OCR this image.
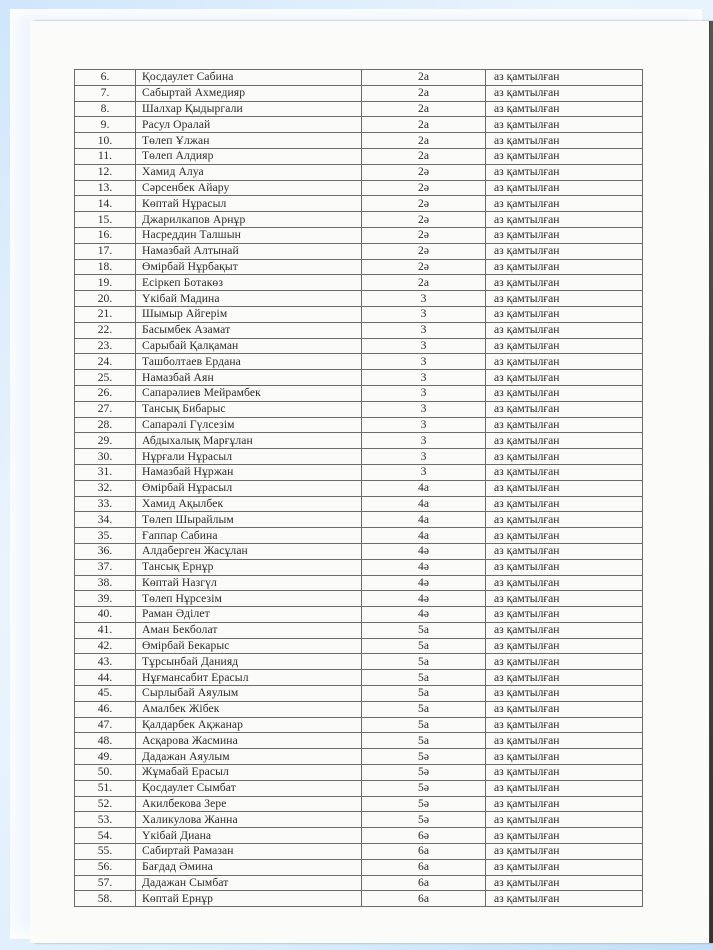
6.	Қосдаулет Сабина	2а	аз қамтылған
7.	Сабыртай Ахмедияр	2а	аз қамтылған
8.	Шалхар Қыдыргали	2а	аз қамтылған
9.	Расул Оралай	2а	аз қамтылған
10.	Төлеп Ұлжан	2а	аз қамтылған
11.	Төлеп Алдияр	2а	аз қамтылған
12.	Хамид Алуа	2ә	аз қамтылған
13.	Сәрсенбек Айару	2ә	аз қамтылған
14.	Көптай Нұрасыл	2ә	аз қамтылған
15.	Джарилкапов Арнұр	2ә	аз қамтылған
16.	Насреддин Талшын	2ә	аз қамтылған
17.	Намазбай Алтынай	2ә	аз қамтылған
18.	Өмірбай Нұрбақыт	2ә	аз қамтылған
19.	Есіркеп Ботакөз	2а	аз қамтылған
20.	Үкібай Мадина	3	аз қамтылған
21.	Шымыр Айгерім	3	аз қамтылған
22.	Басымбек Азамат	3	аз қамтылған
23.	Сарыбай Қалқаман	3	аз қамтылған
24.	Ташболтаев Ердана	3	аз қамтылған
25.	Намазбай Аян	3	аз қамтылған
26.	Сапарәлиев Мейрамбек	3	аз қамтылған
27.	Тансық Бибарыс	3	аз қамтылған
28.	Сапарәлі Гүлсезім	3	аз қамтылған
29.	Абдыхалық Марғұлан	3	аз қамтылған
30.	Нұрғали Нұрасыл	3	аз қамтылған
31.	Намазбай Нұржан	3	аз қамтылған
32.	Өмірбай Нұрасыл	4а	аз қамтылған
33.	Хамид Ақылбек	4а	аз қамтылған
34.	Төлеп Шырайлым	4а	аз қамтылған
35.	Ғаппар Сабина	4а	аз қамтылған
36.	Алдаберген Жасұлан	4ә	аз қамтылған
37.	Тансық Ернұр	4ә	аз қамтылған
38.	Көптай Назгүл	4ә	аз қамтылған
39.	Төлеп Нұрсезім	4ә	аз қамтылған
40.	Раман Әділет	4ә	аз қамтылған
41.	Аман Бекболат	5а	аз қамтылған
42.	Өмірбай Бекарыс	5а	аз қамтылған
43.	Тұрсынбай Данияд	5а	аз қамтылған
44.	Нұғмансабит Ерасыл	5а	аз қамтылған
45.	Сырлыбай Аяулым	5а	аз қамтылған
46.	Амалбек Жібек	5а	аз қамтылған
47.	Қалдарбек Ақжанар	5а	аз қамтылған
48.	Асқарова Жасмина	5а	аз қамтылған
49.	Дадажан Аяулым	5ә	аз қамтылған
50.	Жұмабай Ерасыл	5ә	аз қамтылған
51.	Қосдаулет Сымбат	5ә	аз қамтылған
52.	Акилбекова Зере	5ә	аз қамтылған
53.	Халикулова Жанна	5ә	аз қамтылған
54.	Үкібай Диана	6ә	аз қамтылған
55.	Сабиртай Рамазан	6а	аз қамтылған
56.	Бағдад Әмина	6а	аз қамтылған
57.	Дадажан Сымбат	6а	аз қамтылған
58.	Көптай Ернұр	6а	аз қамтылған
